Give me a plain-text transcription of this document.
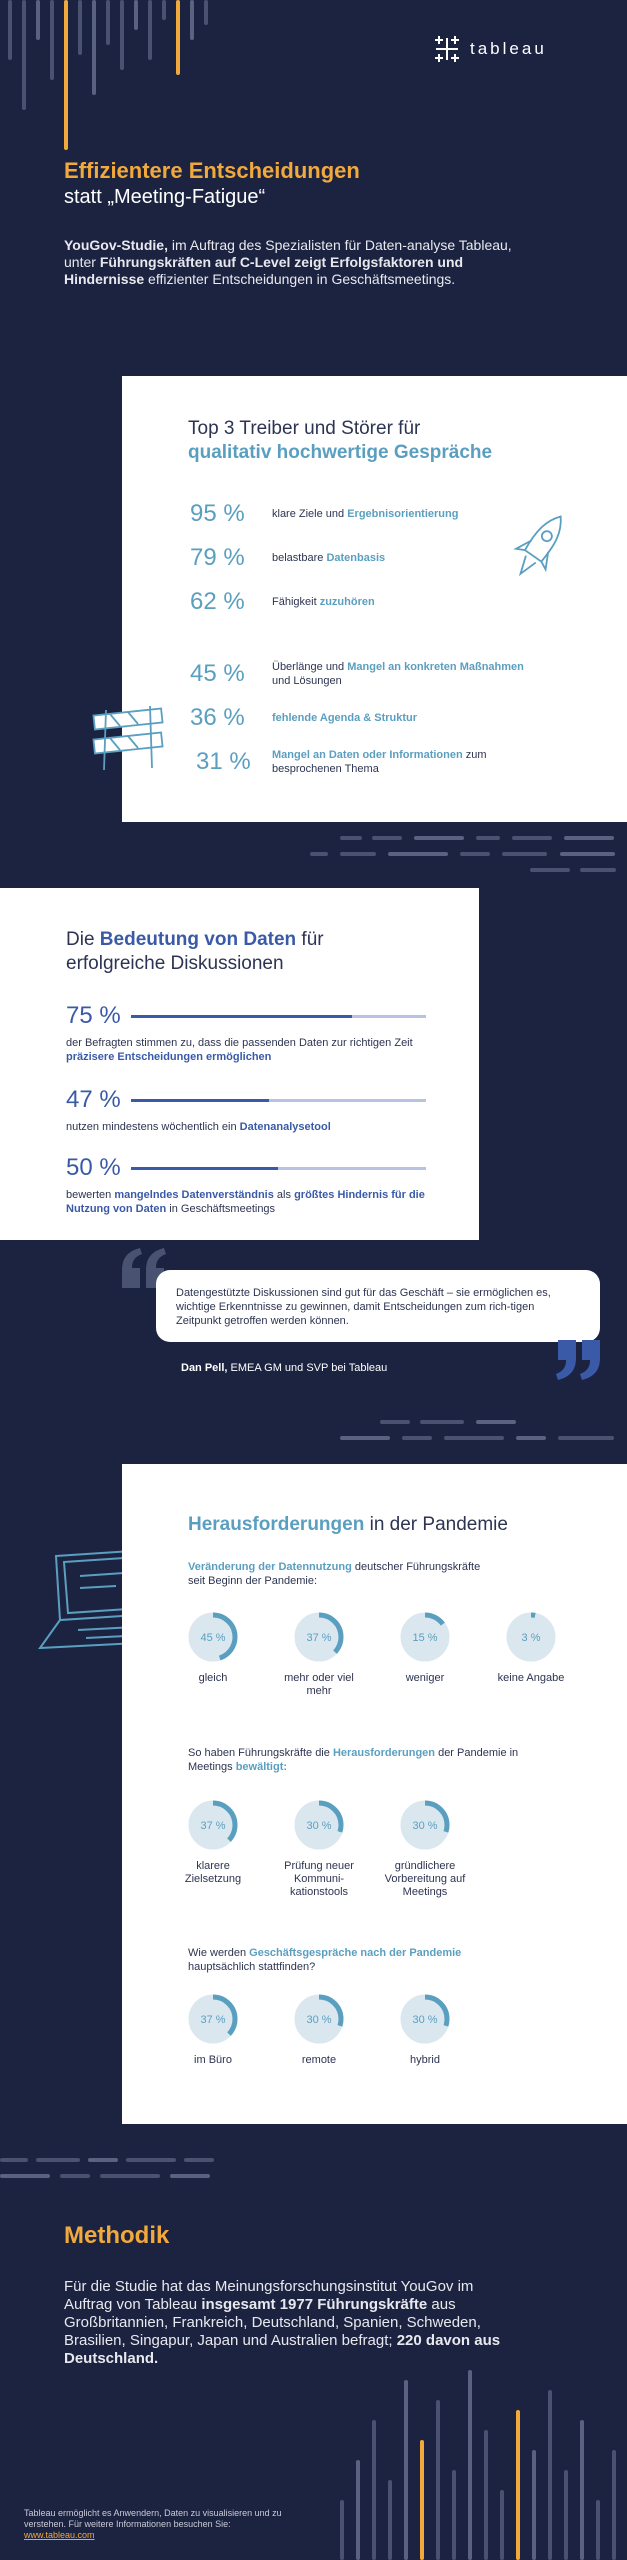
tableau
Effizientere Entscheidungen
statt „Meeting-Fatigue“
YouGov-Studie, im Auftrag des Spezialisten für Daten-analyse Tableau, unter Führungskräften auf C-Level zeigt Erfolgsfaktoren und Hindernisse effizienter Entscheidungen in Geschäftsmeetings.
Top 3 Treiber und Störer für
qualitativ hochwertige Gespräche
95 %	klare Ziele und Ergebnisorientierung
79 %	belastbare Datenbasis
62 %	Fähigkeit zuzuhören
45 %	Überlänge und Mangel an konkreten Maßnahmen und Lösungen
36 %	fehlende Agenda & Struktur
31 %	Mangel an Daten oder Informationen zum besprochenen Thema
Die Bedeutung von Daten für erfolgreiche Diskussionen
75 %
der Befragten stimmen zu, dass die passenden Daten zur richtigen Zeit präzisere Entscheidungen ermöglichen
47 %
nutzen mindestens wöchentlich ein Datenanalysetool
50 %
bewerten mangelndes Datenverständnis als größtes Hindernis für die Nutzung von Daten in Geschäftsmeetings
Datengestützte Diskussionen sind gut für das Geschäft – sie ermöglichen es, wichtige Erkenntnisse zu gewinnen, damit Entscheidungen zum rich-tigen Zeitpunkt getroffen werden können.
Dan Pell, EMEA GM und SVP bei Tableau
Herausforderungen in der Pandemie
Veränderung der Datennutzung deutscher Führungskräfte seit Beginn der Pandemie:
45 %
gleich
37 %
mehr oder viel mehr
15 %
weniger
3 %
keine Angabe
So haben Führungskräfte die Herausforderungen der Pandemie in Meetings bewältigt:
37 %
klarere Zielsetzung
30 %
Prüfung neuer Kommuni-kationstools
30 %
gründlichere Vorbereitung auf Meetings
Wie werden Geschäftsgespräche nach der Pandemie hauptsächlich stattfinden?
37 %
im Büro
30 %
remote
30 %
hybrid
Methodik
Für die Studie hat das Meinungsforschungsinstitut YouGov im Auftrag von Tableau insgesamt 1977 Führungskräfte aus Großbritannien, Frankreich, Deutschland, Spanien, Schweden, Brasilien, Singapur, Japan und Australien befragt; 220 davon aus Deutschland.
Tableau ermöglicht es Anwendern, Daten zu visualisieren und zu verstehen. Für weitere Informationen besuchen Sie:
www.tableau.com
